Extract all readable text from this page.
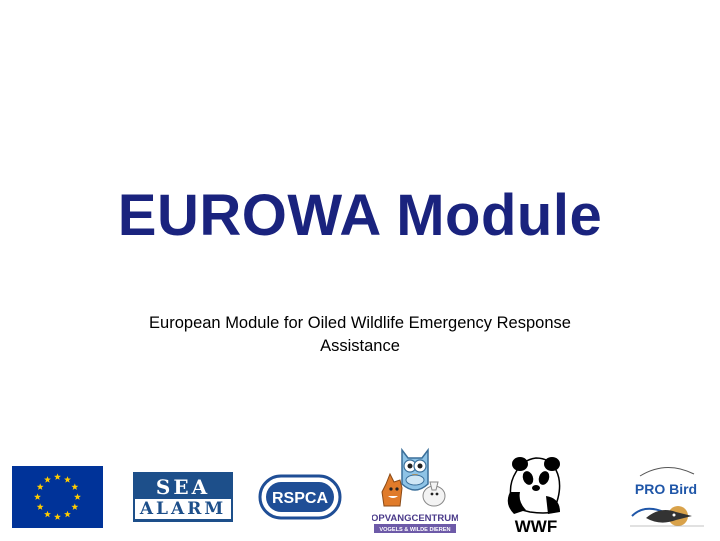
EUROWA Module

European Module for Oiled Wildlife Emergency Response Assistance

SEA
ALARM
RSPCA
OPVANGCENTRUM
VOGELS & WILDE DIEREN	WWF
PRO Bird
